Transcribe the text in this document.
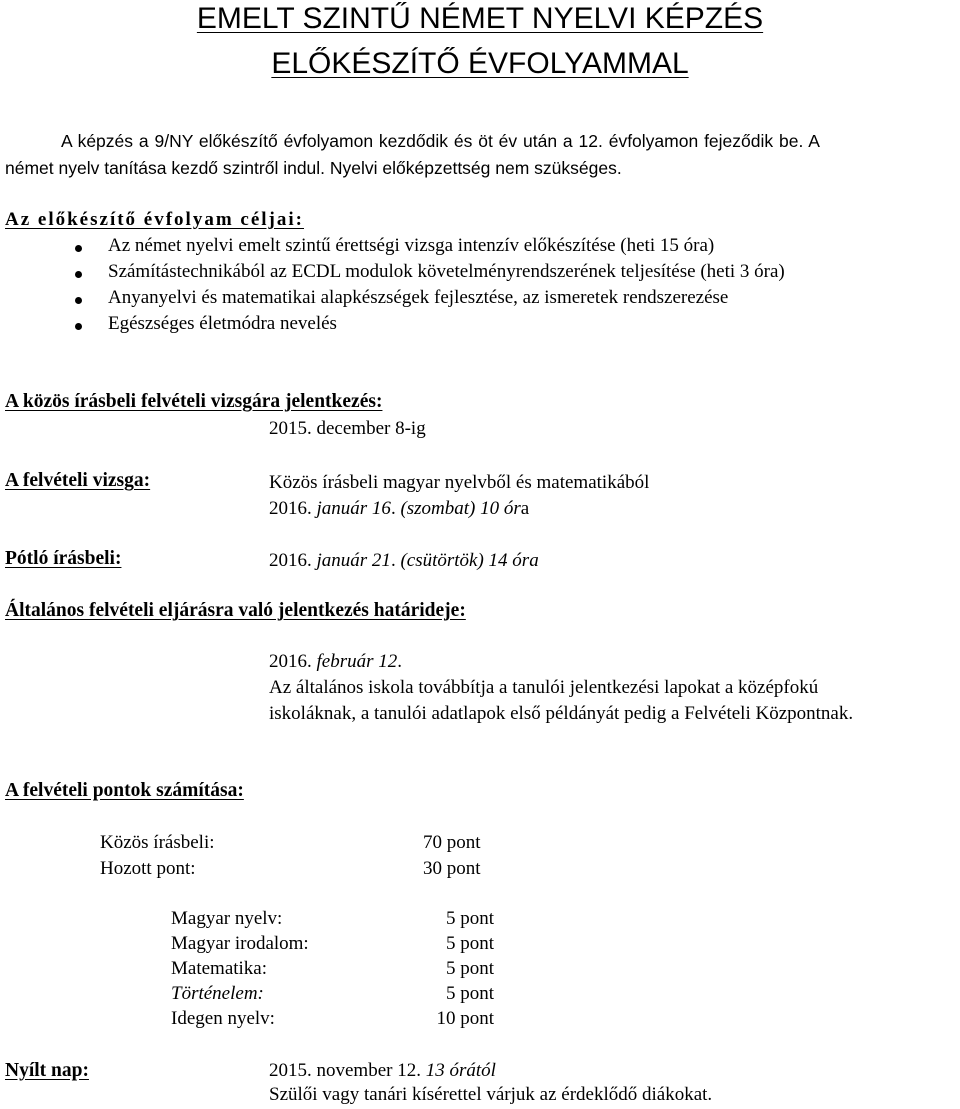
EMELT SZINTŰ NÉMET NYELVI KÉPZÉS
ELŐKÉSZÍTŐ ÉVFOLYAMMAL
A képzés a 9/NY előkészítő évfolyamon kezdődik és öt év után a 12. évfolyamon fejeződik be. A
német nyelv tanítása kezdő szintről indul. Nyelvi előképzettség nem szükséges.
Az előkészítő évfolyam céljai:
Az német nyelvi emelt szintű érettségi vizsga intenzív előkészítése (heti 15 óra)
Számítástechnikából az ECDL modulok követelményrendszerének teljesítése (heti 3 óra)
Anyanyelvi és matematikai alapkészségek fejlesztése, az ismeretek rendszerezése
Egészséges életmódra nevelés
A közös írásbeli felvételi vizsgára jelentkezés:
2015. december 8-ig
A felvételi vizsga:	Közös írásbeli magyar nyelvből és matematikából
2016. január 16. (szombat) 10 óra
Pótló írásbeli:	2016. január 21. (csütörtök) 14 óra
Általános felvételi eljárásra való jelentkezés határideje:
2016. február 12.
Az általános iskola továbbítja a tanulói jelentkezési lapokat a középfokú
iskoláknak, a tanulói adatlapok első példányát pedig a Felvételi Központnak.
A felvételi pontok számítása:
Közös írásbeli:	70 pont
Hozott pont:	30 pont
Magyar nyelv:	5 pont
Magyar irodalom:	5 pont
Matematika:	5 pont
Történelem:	5 pont
Idegen nyelv:	10 pont
Nyílt nap:	2015. november 12. 13 órától
Szülői vagy tanári kísérettel várjuk az érdeklődő diákokat.
